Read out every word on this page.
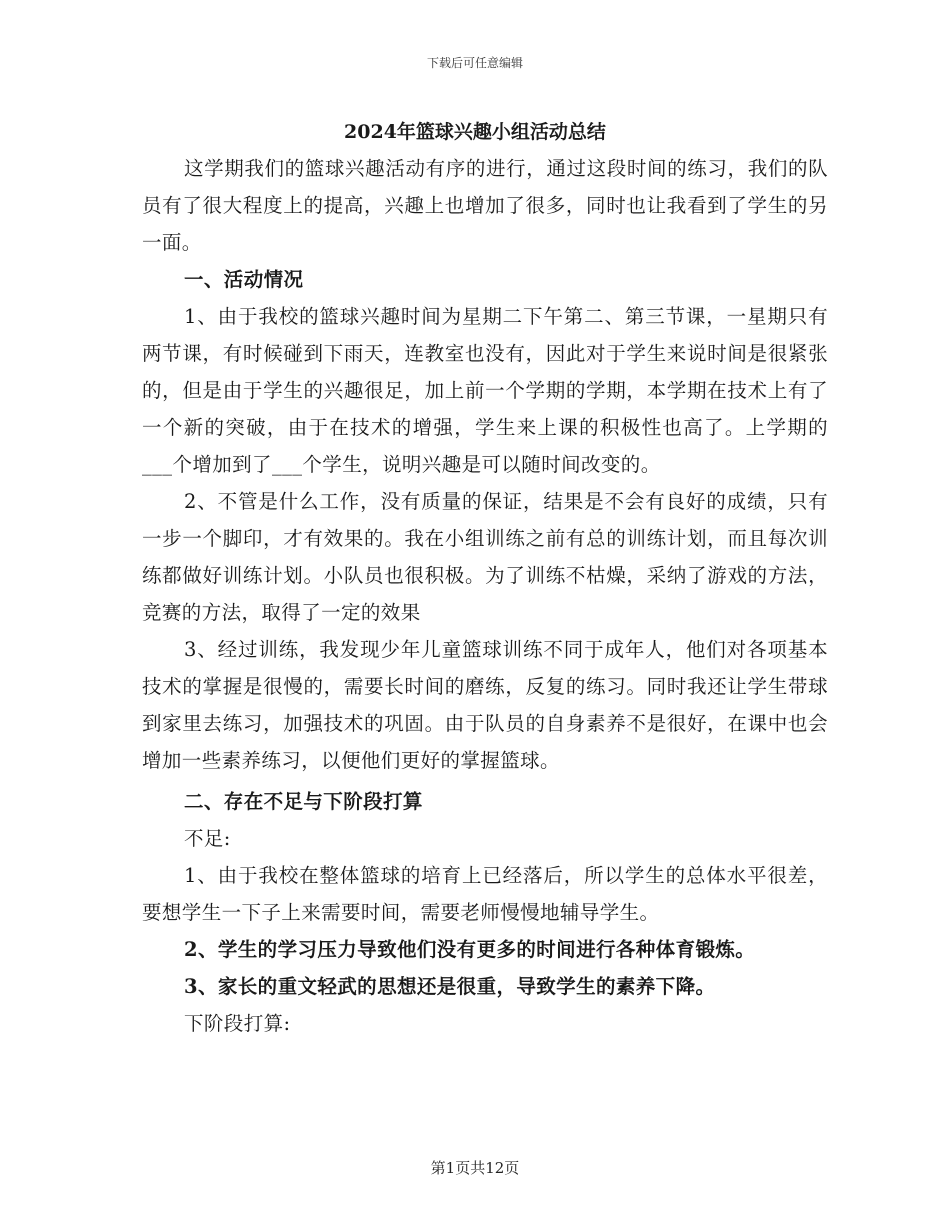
下载后可任意编辑
2024年篮球兴趣小组活动总结

这学期我们的篮球兴趣活动有序的进行，通过这段时间的练习，我们的队员有了很大程度上的提高，兴趣上也增加了很多，同时也让我看到了学生的另一面。

一、活动情况

1、由于我校的篮球兴趣时间为星期二下午第二、第三节课，一星期只有两节课，有时候碰到下雨天，连教室也没有，因此对于学生来说时间是很紧张的，但是由于学生的兴趣很足，加上前一个学期的学期，本学期在技术上有了一个新的突破，由于在技术的增强，学生来上课的积极性也高了。上学期的___个增加到了___个学生，说明兴趣是可以随时间改变的。

2、不管是什么工作，没有质量的保证，结果是不会有良好的成绩，只有一步一个脚印，才有效果的。我在小组训练之前有总的训练计划，而且每次训练都做好训练计划。小队员也很积极。为了训练不枯燥，采纳了游戏的方法，竞赛的方法，取得了一定的效果

3、经过训练，我发现少年儿童篮球训练不同于成年人，他们对各项基本技术的掌握是很慢的，需要长时间的磨练，反复的练习。同时我还让学生带球到家里去练习，加强技术的巩固。由于队员的自身素养不是很好，在课中也会增加一些素养练习，以便他们更好的掌握篮球。

二、存在不足与下阶段打算

不足:

1、由于我校在整体篮球的培育上已经落后，所以学生的总体水平很差，要想学生一下子上来需要时间，需要老师慢慢地辅导学生。

2、学生的学习压力导致他们没有更多的时间进行各种体育锻炼。

3、家长的重文轻武的思想还是很重，导致学生的素养下降。

下阶段打算:

第1页共12页
